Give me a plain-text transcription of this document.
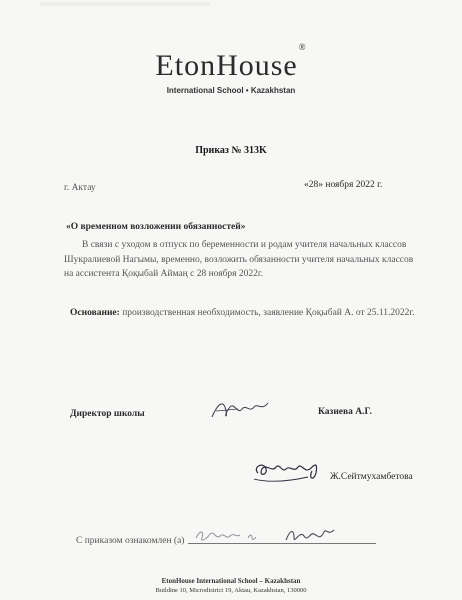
EtonHouse®
International School • Kazakhstan
Приказ № 313K
г. Актау	«28» ноября 2022 г.
«О временном возложении обязанностей»
В связи с уходом в отпуск по беременности и родам учителя начальных классов
Шукралиевой Нагымы, временно, возложить обязанности учителя начальных классов
на ассистента Қоқыбай Аймаң с 28 ноября 2022г.
Основание: производственная необходимость, заявление Қоқыбай А. от 25.11.2022г.
Директор школы	Казиева А.Г.
Ж.Сейтмухамбетова
С приказом ознакомлен (а)
EtonHouse International School – Kazakhstan
Buildine 10, Microdistrict 19, Aktau, Kazakhstan, 130000
